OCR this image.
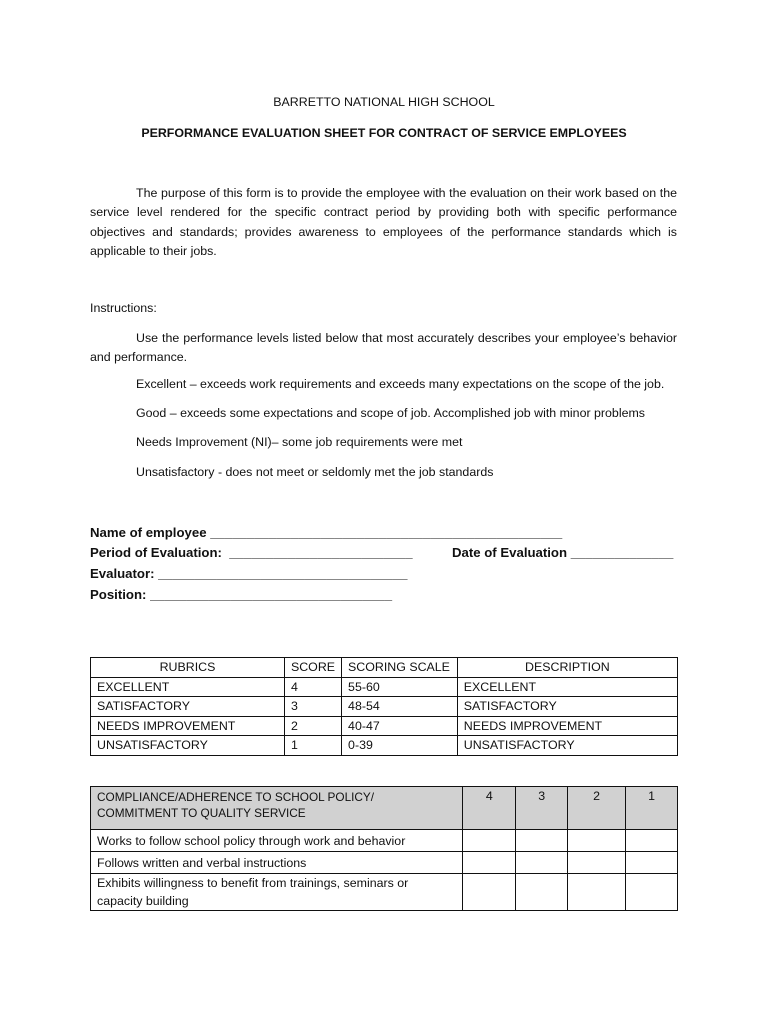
BARRETTO NATIONAL HIGH SCHOOL
PERFORMANCE EVALUATION SHEET FOR CONTRACT OF SERVICE EMPLOYEES
The purpose of this form is to provide the employee with the evaluation on their work based on the service level rendered for the specific contract period by providing both with specific performance objectives and standards; provides awareness to employees of the performance standards which is applicable to their jobs.
Instructions:
Use the performance levels listed below that most accurately describes your employee’s behavior and performance.
Excellent – exceeds work requirements and exceeds many expectations on the scope of the job.
Good – exceeds some expectations and scope of job. Accomplished job with minor problems
Needs Improvement (NI)– some job requirements were met
Unsatisfactory - does not meet or seldomly met the job standards
Name of employee ________________________________________________
Period of Evaluation:  _________________________	Date of Evaluation ______________
Evaluator: __________________________________
Position: _________________________________
RUBRICS	SCORE	SCORING SCALE	DESCRIPTION
EXCELLENT	4	55-60	EXCELLENT
SATISFACTORY	3	48-54	SATISFACTORY
NEEDS IMPROVEMENT	2	40-47	NEEDS IMPROVEMENT
UNSATISFACTORY	1	0-39	UNSATISFACTORY
COMPLIANCE/ADHERENCE TO SCHOOL POLICY/ COMMITMENT TO QUALITY SERVICE	4	3	2	1
Works to follow school policy through work and behavior				
Follows written and verbal instructions				
Exhibits willingness to benefit from trainings, seminars or capacity building				
